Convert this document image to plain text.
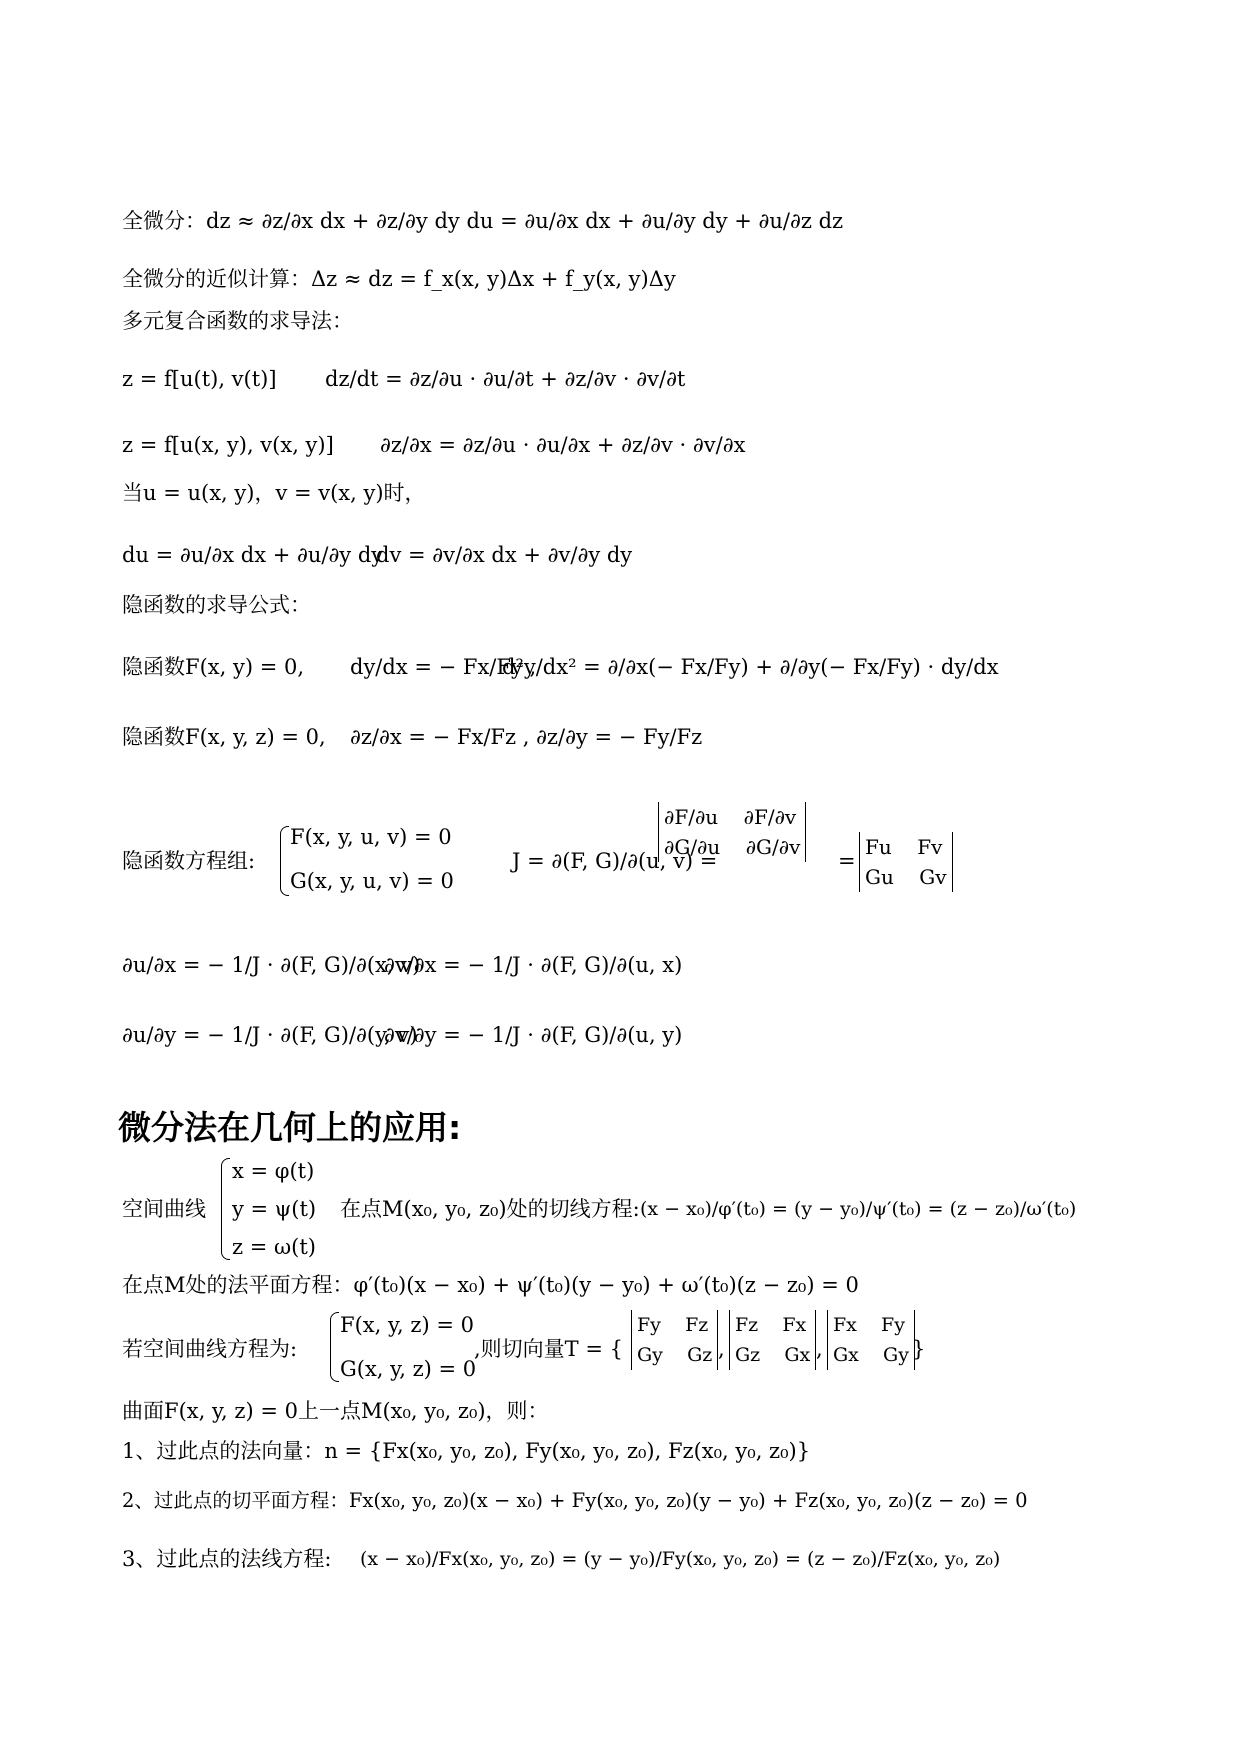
全微分：dz ≈ ∂z/∂x dx + ∂z/∂y dy du = ∂u/∂x dx + ∂u/∂y dy + ∂u/∂z dz
全微分的近似计算：Δz ≈ dz = f_x(x, y)Δx + f_y(x, y)Δy
多元复合函数的求导法：
z = f[u(t), v(t)] dz/dt = ∂z/∂u · ∂u/∂t + ∂z/∂v · ∂v/∂t
z = f[u(x, y), v(x, y)] ∂z/∂x = ∂z/∂u · ∂u/∂x + ∂z/∂v · ∂v/∂x
当u = u(x, y)，v = v(x, y)时，
du = ∂u/∂x dx + ∂u/∂y dy
dv = ∂v/∂x dx + ∂v/∂y dy
隐函数的求导公式：
隐函数F(x, y) = 0, dy/dx = − Fx/Fy ,
d²y/dx² = ∂/∂x(− Fx/Fy) + ∂/∂y(− Fx/Fy) · dy/dx
隐函数F(x, y, z) = 0, ∂z/∂x = − Fx/Fz , ∂z/∂y = − Fy/Fz
隐函数方程组:
F(x, y, u, v) = 0
G(x, y, u, v) = 0
J = ∂(F, G)/∂(u, v) =
∂F/∂u    ∂F/∂v
∂G/∂u    ∂G/∂v
=
Fu    Fv
Gu    Gv
∂u/∂x = − 1/J · ∂(F, G)/∂(x, v)
∂v/∂x = − 1/J · ∂(F, G)/∂(u, x)
∂u/∂y = − 1/J · ∂(F, G)/∂(y, v)
∂v/∂y = − 1/J · ∂(F, G)/∂(u, y)
微分法在几何上的应用:
空间曲线
x = φ(t)
y = ψ(t)
z = ω(t)
在点M(x₀, y₀, z₀)处的切线方程: (x − x₀)/φ′(t₀) = (y − y₀)/ψ′(t₀) = (z − z₀)/ω′(t₀)
在点M处的法平面方程：φ′(t₀)(x − x₀) + ψ′(t₀)(y − y₀) + ω′(t₀)(z − z₀) = 0
若空间曲线方程为:
F(x, y, z) = 0
G(x, y, z) = 0
,则切向量T = {
Fy    Fz
Gy    Gz ,
Fz    Fx
Gz    Gx ,
Fx    Fy
Gx    Gy }
曲面F(x, y, z) = 0上一点M(x₀, y₀, z₀)，则：
1、过此点的法向量：n = {Fx(x₀, y₀, z₀), Fy(x₀, y₀, z₀), Fz(x₀, y₀, z₀)}
2、过此点的切平面方程：Fx(x₀, y₀, z₀)(x − x₀) + Fy(x₀, y₀, z₀)(y − y₀) + Fz(x₀, y₀, z₀)(z − z₀) = 0
3、过此点的法线方程: (x − x₀)/Fx(x₀, y₀, z₀) = (y − y₀)/Fy(x₀, y₀, z₀) = (z − z₀)/Fz(x₀, y₀, z₀)
